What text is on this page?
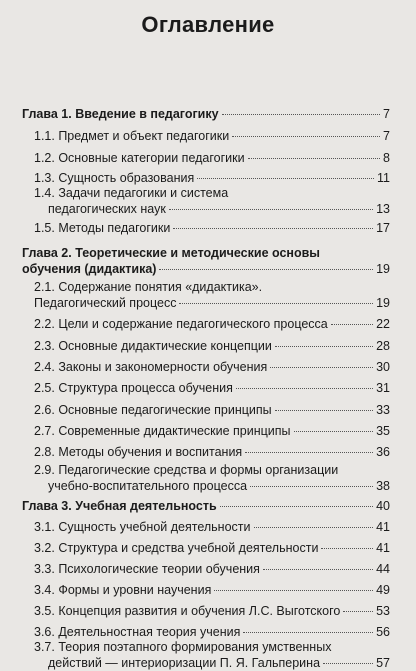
Оглавление
Глава 1. Введение в педагогику	7
1.1. Предмет и объект педагогики	7
1.2. Основные категории педагогики	8
1.3. Сущность образования	11
1.4. Задачи педагогики и система
педагогических наук	13
1.5. Методы педагогики	17
Глава 2. Теоретические и методические основы
обучения (дидактика)	19
2.1. Содержание понятия «дидактика».
Педагогический процесс	19
2.2. Цели и содержание педагогического процесса	22
2.3. Основные дидактические концепции	28
2.4. Законы и закономерности обучения	30
2.5. Структура процесса обучения	31
2.6. Основные педагогические принципы	33
2.7. Современные дидактические принципы	35
2.8. Методы обучения и воспитания	36
2.9. Педагогические средства и формы организации
учебно-воспитательного процесса	38
Глава 3. Учебная деятельность	40
3.1. Сущность учебной деятельности	41
3.2. Структура и средства учебной деятельности	41
3.3. Психологические теории обучения	44
3.4. Формы и уровни научения	49
3.5. Концепция развития и обучения Л.С. Выготского	53
3.6. Деятельностная теория учения	56
3.7. Теория поэтапного формирования умственных
действий — интериоризации П. Я. Гальперина	57
